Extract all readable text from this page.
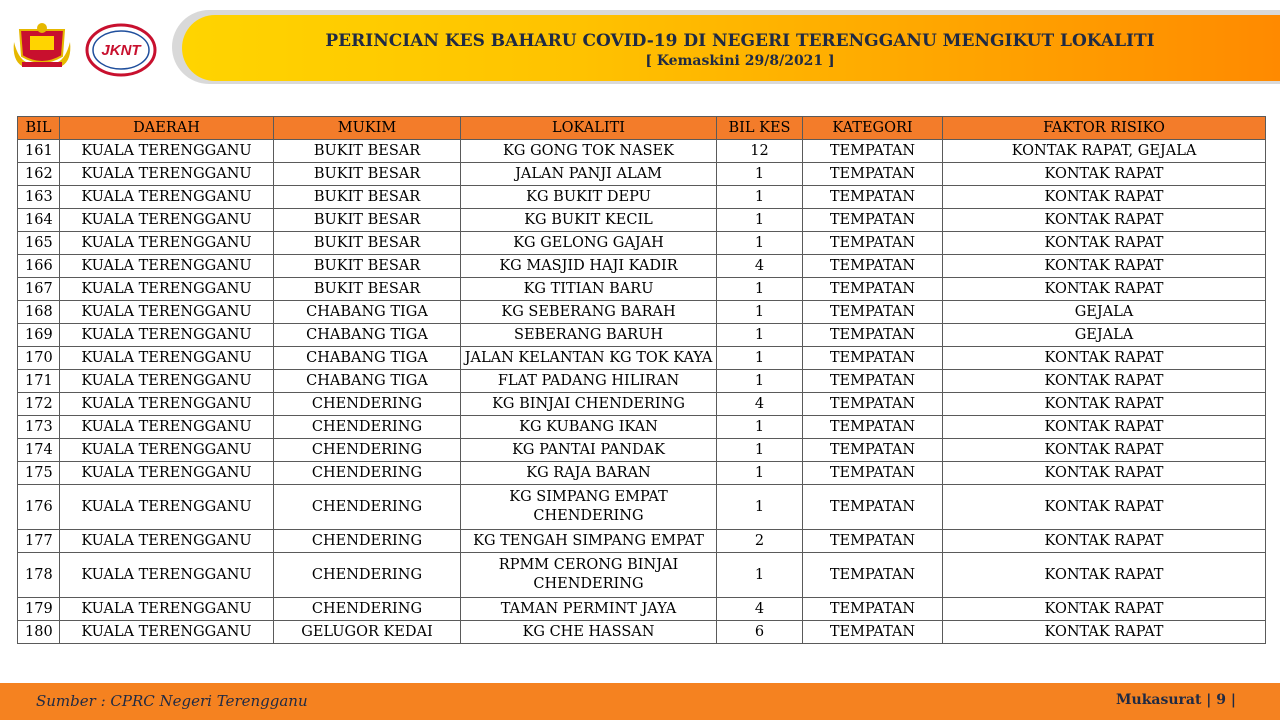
JKNT	PERINCIAN KES BAHARU COVID-19 DI NEGERI TERENGGANU MENGIKUT LOKALITI
[ Kemaskini 29/8/2021 ]
BIL	DAERAH	MUKIM	LOKALITI	BIL KES	KATEGORI	FAKTOR RISIKO
161	KUALA TERENGGANU	BUKIT BESAR	KG GONG TOK NASEK	12	TEMPATAN	KONTAK RAPAT, GEJALA
162	KUALA TERENGGANU	BUKIT BESAR	JALAN PANJI ALAM	1	TEMPATAN	KONTAK RAPAT
163	KUALA TERENGGANU	BUKIT BESAR	KG BUKIT DEPU	1	TEMPATAN	KONTAK RAPAT
164	KUALA TERENGGANU	BUKIT BESAR	KG BUKIT KECIL	1	TEMPATAN	KONTAK RAPAT
165	KUALA TERENGGANU	BUKIT BESAR	KG GELONG GAJAH	1	TEMPATAN	KONTAK RAPAT
166	KUALA TERENGGANU	BUKIT BESAR	KG MASJID HAJI KADIR	4	TEMPATAN	KONTAK RAPAT
167	KUALA TERENGGANU	BUKIT BESAR	KG TITIAN BARU	1	TEMPATAN	KONTAK RAPAT
168	KUALA TERENGGANU	CHABANG TIGA	KG SEBERANG BARAH	1	TEMPATAN	GEJALA
169	KUALA TERENGGANU	CHABANG TIGA	SEBERANG BARUH	1	TEMPATAN	GEJALA
170	KUALA TERENGGANU	CHABANG TIGA	JALAN KELANTAN KG TOK KAYA	1	TEMPATAN	KONTAK RAPAT
171	KUALA TERENGGANU	CHABANG TIGA	FLAT PADANG HILIRAN	1	TEMPATAN	KONTAK RAPAT
172	KUALA TERENGGANU	CHENDERING	KG BINJAI CHENDERING	4	TEMPATAN	KONTAK RAPAT
173	KUALA TERENGGANU	CHENDERING	KG KUBANG IKAN	1	TEMPATAN	KONTAK RAPAT
174	KUALA TERENGGANU	CHENDERING	KG PANTAI PANDAK	1	TEMPATAN	KONTAK RAPAT
175	KUALA TERENGGANU	CHENDERING	KG RAJA BARAN	1	TEMPATAN	KONTAK RAPAT
176	KUALA TERENGGANU	CHENDERING	KG SIMPANG EMPAT CHENDERING	1	TEMPATAN	KONTAK RAPAT
177	KUALA TERENGGANU	CHENDERING	KG TENGAH SIMPANG EMPAT	2	TEMPATAN	KONTAK RAPAT
178	KUALA TERENGGANU	CHENDERING	RPMM CERONG BINJAI CHENDERING	1	TEMPATAN	KONTAK RAPAT
179	KUALA TERENGGANU	CHENDERING	TAMAN PERMINT JAYA	4	TEMPATAN	KONTAK RAPAT
180	KUALA TERENGGANU	GELUGOR KEDAI	KG CHE HASSAN	6	TEMPATAN	KONTAK RAPAT
Sumber : CPRC Negeri Terengganu	Mukasurat | 9 |
